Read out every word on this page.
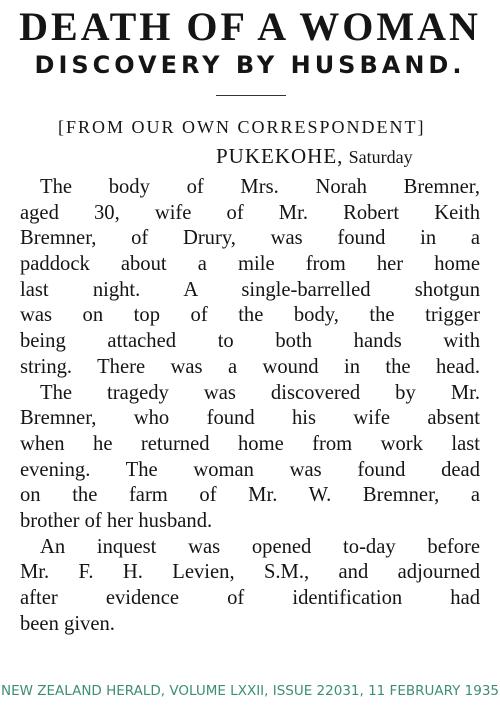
DEATH OF A WOMAN
DISCOVERY BY HUSBAND.
[FROM OUR OWN CORRESPONDENT]
PUKEKOHE, Saturday
The body of Mrs. Norah Bremner,
aged 30, wife of Mr. Robert Keith
Bremner, of Drury, was found in a
paddock about a mile from her home
last night. A single-barrelled shotgun
was on top of the body, the trigger
being attached to both hands with
string. There was a wound in the head.
The tragedy was discovered by Mr.
Bremner, who found his wife absent
when he returned home from work last
evening. The woman was found dead
on the farm of Mr. W. Bremner, a
brother of her husband.
An inquest was opened to-day before
Mr. F. H. Levien, S.M., and adjourned
after evidence of identification had
been given.
NEW ZEALAND HERALD, VOLUME LXXII, ISSUE 22031, 11 FEBRUARY 1935
